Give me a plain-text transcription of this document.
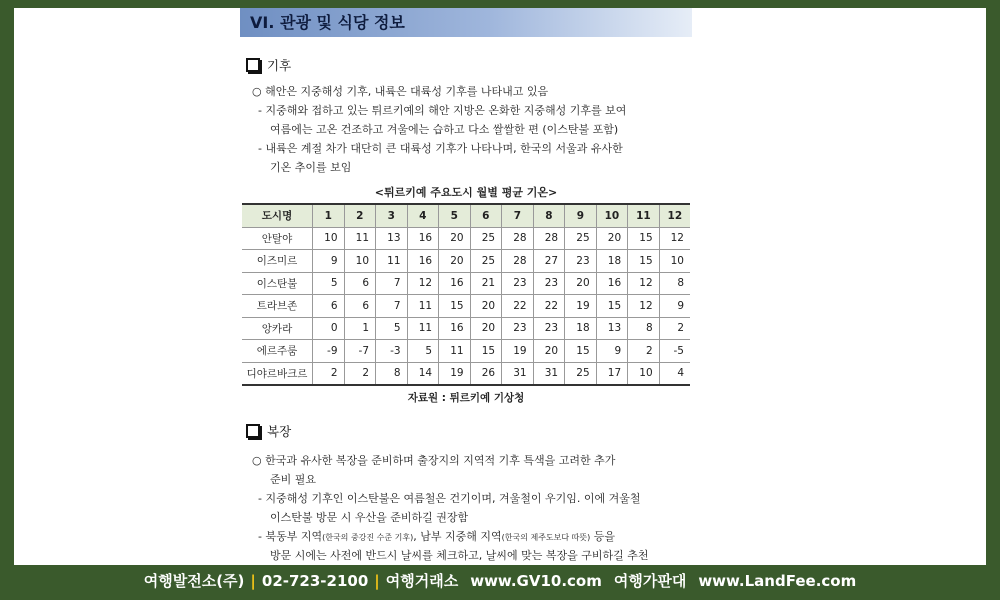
VI. 관광 및 식당 정보
기후
○ 해안은 지중해성 기후, 내륙은 대륙성 기후를 나타내고 있음
- 지중해와 접하고 있는 튀르키예의 해안 지방은 온화한 지중해성 기후를 보여
여름에는 고온 건조하고 겨울에는 습하고 다소 쌀쌀한 편 (이스탄불 포함)
- 내륙은 계절 차가 대단히 큰 대륙성 기후가 나타나며, 한국의 서울과 유사한
기온 추이를 보임
<튀르키예 주요도시 월별 평균 기온>
도시명	1	2	3	4	5	6	7	8	9	10	11	12
안탈야	10	11	13	16	20	25	28	28	25	20	15	12
이즈미르	9	10	11	16	20	25	28	27	23	18	15	10
이스탄불	5	6	7	12	16	21	23	23	20	16	12	8
트라브존	6	6	7	11	15	20	22	22	19	15	12	9
앙카라	0	1	5	11	16	20	23	23	18	13	8	2
에르주룸	-9	-7	-3	5	11	15	19	20	15	9	2	-5
디야르바크르	2	2	8	14	19	26	31	31	25	17	10	4
자료원 : 튀르키예 기상청
복장
○ 한국과 유사한 복장을 준비하며 출장지의 지역적 기후 특색을 고려한 추가
준비 필요
- 지중해성 기후인 이스탄불은 여름철은 건기이며, 겨울철이 우기임. 이에 겨울철
이스탄불 방문 시 우산을 준비하길 권장함
- 북동부 지역(한국의 중강진 수준 기후), 남부 지중해 지역(한국의 제주도보다 따뜻) 등을
방문 시에는 사전에 반드시 날씨를 체크하고, 날씨에 맞는 복장을 구비하길 추천
여행발전소(주) | 02-723-2100 | 여행거래소 www.GV10.com 여행가판대 www.LandFee.com
